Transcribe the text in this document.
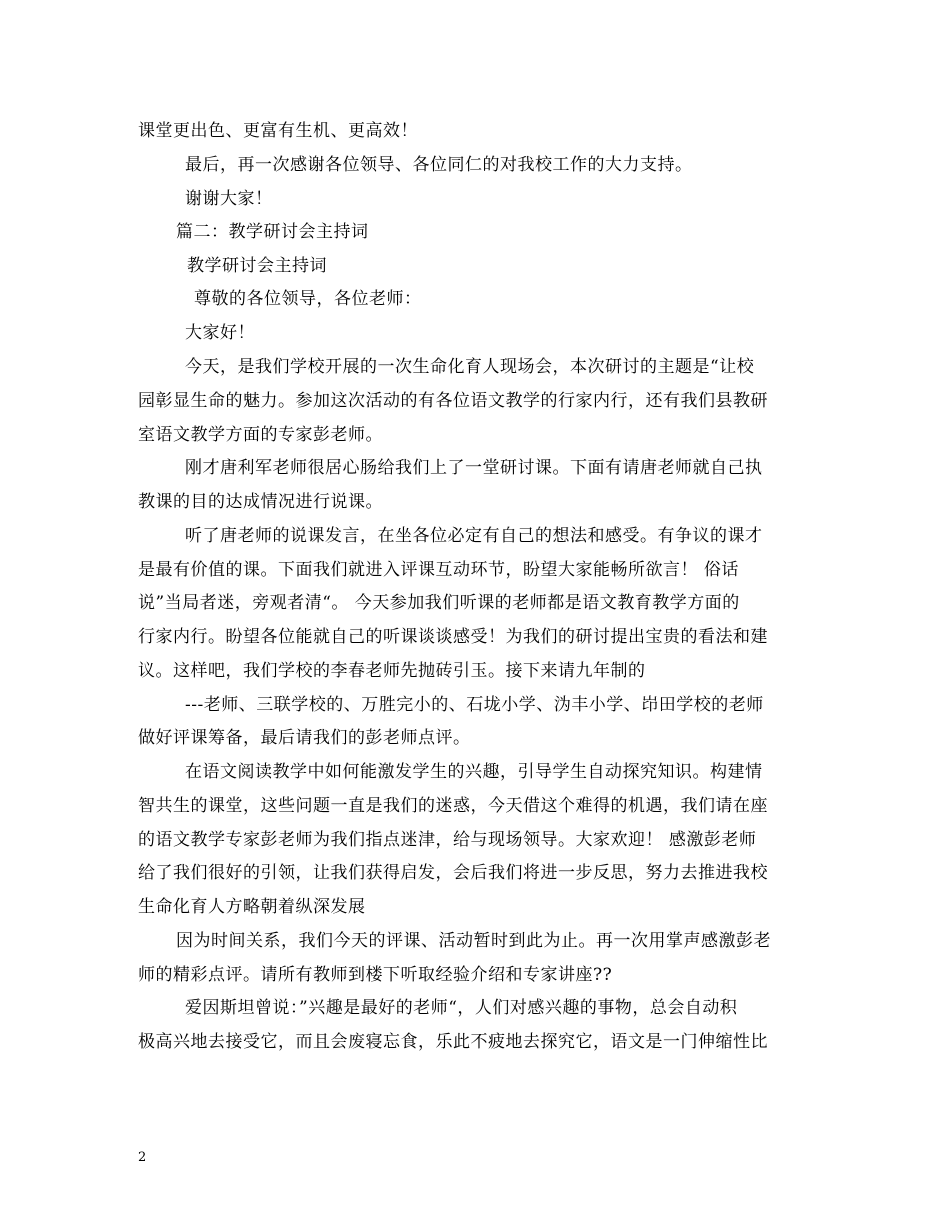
课堂更出色、更富有生机、更高效！
最后，再一次感谢各位领导、各位同仁的对我校工作的大力支持。
谢谢大家！
篇二：教学研讨会主持词
教学研讨会主持词
尊敬的各位领导，各位老师：
大家好！
今天，是我们学校开展的一次生命化育人现场会，本次研讨的主题是“让校
园彰显生命的魅力。参加这次活动的有各位语文教学的行家内行，还有我们县教研
室语文教学方面的专家彭老师。
刚才唐利军老师很居心肠给我们上了一堂研讨课。下面有请唐老师就自己执
教课的目的达成情况进行说课。
听了唐老师的说课发言，在坐各位必定有自己的想法和感受。有争议的课才
是最有价值的课。下面我们就进入评课互动环节，盼望大家能畅所欲言！ 俗话
说”当局者迷，旁观者清“。 今天参加我们听课的老师都是语文教育教学方面的
行家内行。盼望各位能就自己的听课谈谈感受！为我们的研讨提出宝贵的看法和建
议。这样吧，我们学校的李春老师先抛砖引玉。接下来请九年制的
---老师、三联学校的、万胜完小的、石垅小学、沩丰小学、岇田学校的老师
做好评课筹备，最后请我们的彭老师点评。
在语文阅读教学中如何能激发学生的兴趣，引导学生自动探究知识。构建情
智共生的课堂，这些问题一直是我们的迷惑，今天借这个难得的机遇，我们请在座
的语文教学专家彭老师为我们指点迷津，给与现场领导。大家欢迎！ 感激彭老师
给了我们很好的引领，让我们获得启发，会后我们将进一步反思，努力去推进我校
生命化育人方略朝着纵深发展
因为时间关系，我们今天的评课、活动暂时到此为止。再一次用掌声感激彭老
师的精彩点评。请所有教师到楼下听取经验介绍和专家讲座??
爱因斯坦曾说：”兴趣是最好的老师“，人们对感兴趣的事物，总会自动积
极高兴地去接受它，而且会废寝忘食，乐此不疲地去探究它，语文是一门伸缩性比
2
